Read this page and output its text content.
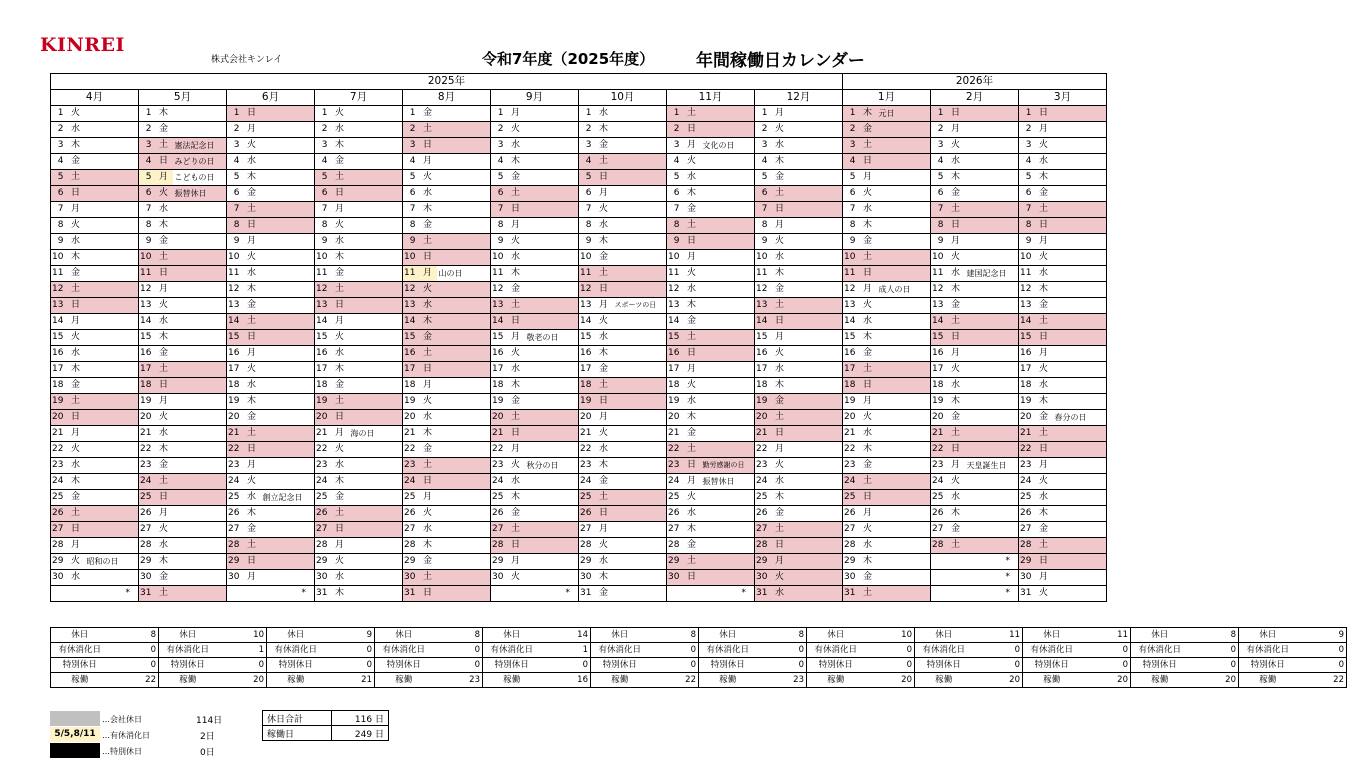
KINREI
株式会社キンレイ	令和7年度（2025年度） 年間稼働日カレンダー
2025年																											2026年								
4月			5月			6月			7月			8月			9月			10月			11月			12月			1月			2月			3月		
1	火		1	木		1	日		1	火		1	金		1	月		1	水		1	土		1	月		1	木	元日	1	日		1	日	
2	水		2	金		2	月		2	水		2	土		2	火		2	木		2	日		2	火		2	金		2	月		2	月	
3	木		3	土	憲法記念日	3	火		3	木		3	日		3	水		3	金		3	月	文化の日	3	水		3	土		3	火		3	火	
4	金		4	日	みどりの日	4	水		4	金		4	月		4	木		4	土		4	火		4	木		4	日		4	水		4	水	
5	土		5	月	こどもの日	5	木		5	土		5	火		5	金		5	日		5	水		5	金		5	月		5	木		5	木	
6	日		6	火	振替休日	6	金		6	日		6	水		6	土		6	月		6	木		6	土		6	火		6	金		6	金	
7	月		7	水		7	土		7	月		7	木		7	日		7	火		7	金		7	日		7	水		7	土		7	土	
8	火		8	木		8	日		8	火		8	金		8	月		8	水		8	土		8	月		8	木		8	日		8	日	
9	水		9	金		9	月		9	水		9	土		9	火		9	木		9	日		9	火		9	金		9	月		9	月	
10	木		10	土		10	火		10	木		10	日		10	水		10	金		10	月		10	水		10	土		10	火		10	火	
11	金		11	日		11	水		11	金		11	月	山の日	11	木		11	土		11	火		11	木		11	日		11	水	建国記念日	11	水	
12	土		12	月		12	木		12	土		12	火		12	金		12	日		12	水		12	金		12	月	成人の日	12	木		12	木	
13	日		13	火		13	金		13	日		13	水		13	土		13	月	スポーツの日	13	木		13	土		13	火		13	金		13	金	
14	月		14	水		14	土		14	月		14	木		14	日		14	火		14	金		14	日		14	水		14	土		14	土	
15	火		15	木		15	日		15	火		15	金		15	月	敬老の日	15	水		15	土		15	月		15	木		15	日		15	日	
16	水		16	金		16	月		16	水		16	土		16	火		16	木		16	日		16	火		16	金		16	月		16	月	
17	木		17	土		17	火		17	木		17	日		17	水		17	金		17	月		17	水		17	土		17	火		17	火	
18	金		18	日		18	水		18	金		18	月		18	木		18	土		18	火		18	木		18	日		18	水		18	水	
19	土		19	月		19	木		19	土		19	火		19	金		19	日		19	水		19	金		19	月		19	木		19	木	
20	日		20	火		20	金		20	日		20	水		20	土		20	月		20	木		20	土		20	火		20	金		20	金	春分の日
21	月		21	水		21	土		21	月	海の日	21	木		21	日		21	火		21	金		21	日		21	水		21	土		21	土	
22	火		22	木		22	日		22	火		22	金		22	月		22	水		22	土		22	月		22	木		22	日		22	日	
23	水		23	金		23	月		23	水		23	土		23	火	秋分の日	23	木		23	日	勤労感謝の日	23	火		23	金		23	月	天皇誕生日	23	月	
24	木		24	土		24	火		24	木		24	日		24	水		24	金		24	月	振替休日	24	水		24	土		24	火		24	火	
25	金		25	日		25	水	創立記念日	25	金		25	月		25	木		25	土		25	火		25	木		25	日		25	水		25	水	
26	土		26	月		26	木		26	土		26	火		26	金		26	日		26	水		26	金		26	月		26	木		26	木	
27	日		27	火		27	金		27	日		27	水		27	土		27	月		27	木		27	土		27	火		27	金		27	金	
28	月		28	水		28	土		28	月		28	木		28	日		28	火		28	金		28	日		28	水		28	土		28	土	
29	火	昭和の日	29	木		29	日		29	火		29	金		29	月		29	水		29	土		29	月		29	木				*	29	日	
30	水		30	金		30	月		30	水		30	土		30	火		30	木		30	日		30	火		30	金				*	30	月	
		*	31	土				*	31	木		31	日				*	31	金				*	31	水		31	土				*	31	火	
休日	8	休日	10	休日	9	休日	8	休日	14	休日	8	休日	8	休日	10	休日	11	休日	11	休日	8	休日	9
有休消化日	0	有休消化日	1	有休消化日	0	有休消化日	0	有休消化日	1	有休消化日	0	有休消化日	0	有休消化日	0	有休消化日	0	有休消化日	0	有休消化日	0	有休消化日	0
特別休日	0	特別休日	0	特別休日	0	特別休日	0	特別休日	0	特別休日	0	特別休日	0	特別休日	0	特別休日	0	特別休日	0	特別休日	0	特別休日	0
稼働	22	稼働	20	稼働	21	稼働	23	稼働	16	稼働	22	稼働	23	稼働	20	稼働	20	稼働	20	稼働	20	稼働	22
…会社休日	114日
5/5,8/11 …有休消化日	2日
…特別休日	0日
休日合計	116 日
稼働日	249 日
